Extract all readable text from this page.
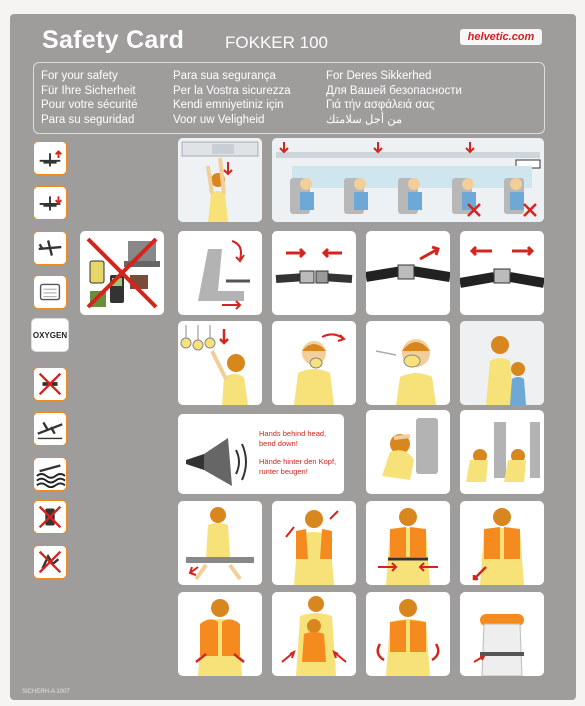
Safety Card FOKKER 100	helvetic.com
For your safety
Für Ihre Sicherheit
Pour votre sécurité
Para su seguridad
Para sua segurança
Per la Vostra sicurezza
Kendi emniyetiniz için
Voor uw Veligheid
For Deres Sikkerhed
Для Вашей безопасности
Γιά τήν ασφάλειά σας
من أجل سلامتك
OXYGEN
Hands behind head,
bend down!
Hände hinter den Kopf,
runter beugen!
SICHERH-A 1007
